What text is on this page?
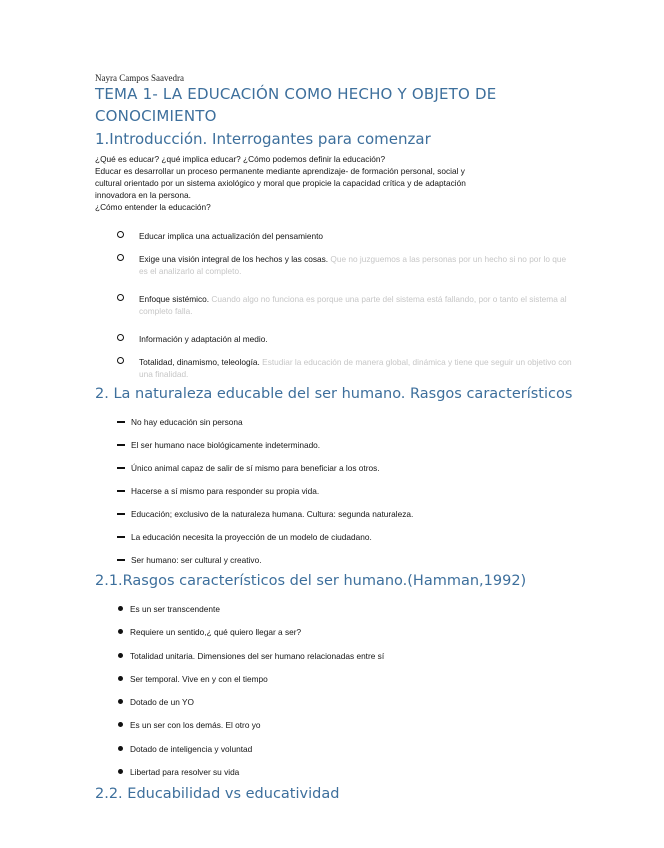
Nayra Campos Saavedra
TEMA 1- LA EDUCACIÓN COMO HECHO Y OBJETO DE CONOCIMIENTO
1.Introducción. Interrogantes para comenzar
¿Qué es educar? ¿qué implica educar? ¿Cómo podemos definir la educación?
Educar es desarrollar un proceso permanente mediante aprendizaje- de formación personal, social y
cultural orientado por un sistema axiológico y moral que propicie la capacidad crítica y de adaptación
innovadora en la persona.
¿Cómo entender la educación?
Educar implica una actualización del pensamiento
Exige una visión integral de los hechos y las cosas. Que no juzguemos a las personas por un hecho si no por lo que es el analizarlo al completo.
Enfoque sistémico. Cuando algo no funciona es porque una parte del sistema está fallando, por o tanto el sistema al completo falla.
Información y adaptación al medio.
Totalidad, dinamismo, teleología. Estudiar la educación de manera global, dinámica y tiene que seguir un objetivo con una finalidad.
2. La naturaleza educable del ser humano. Rasgos característicos
No hay educación sin persona
El ser humano nace biológicamente indeterminado.
Único animal capaz de salir de sí mismo para beneficiar a los otros.
Hacerse a sí mismo para responder su propia vida.
Educación; exclusivo de la naturaleza humana. Cultura: segunda naturaleza.
La educación necesita la proyección de un modelo de ciudadano.
Ser humano: ser cultural y creativo.
2.1.Rasgos característicos del ser humano.(Hamman,1992)
Es un ser transcendente
Requiere un sentido,¿ qué quiero llegar a ser?
Totalidad unitaria. Dimensiones del ser humano relacionadas entre sí
Ser temporal. Vive en y con el tiempo
Dotado de un YO
Es un ser con los demás. El otro yo
Dotado de inteligencia y voluntad
Libertad para resolver su vida
2.2. Educabilidad vs educatividad
